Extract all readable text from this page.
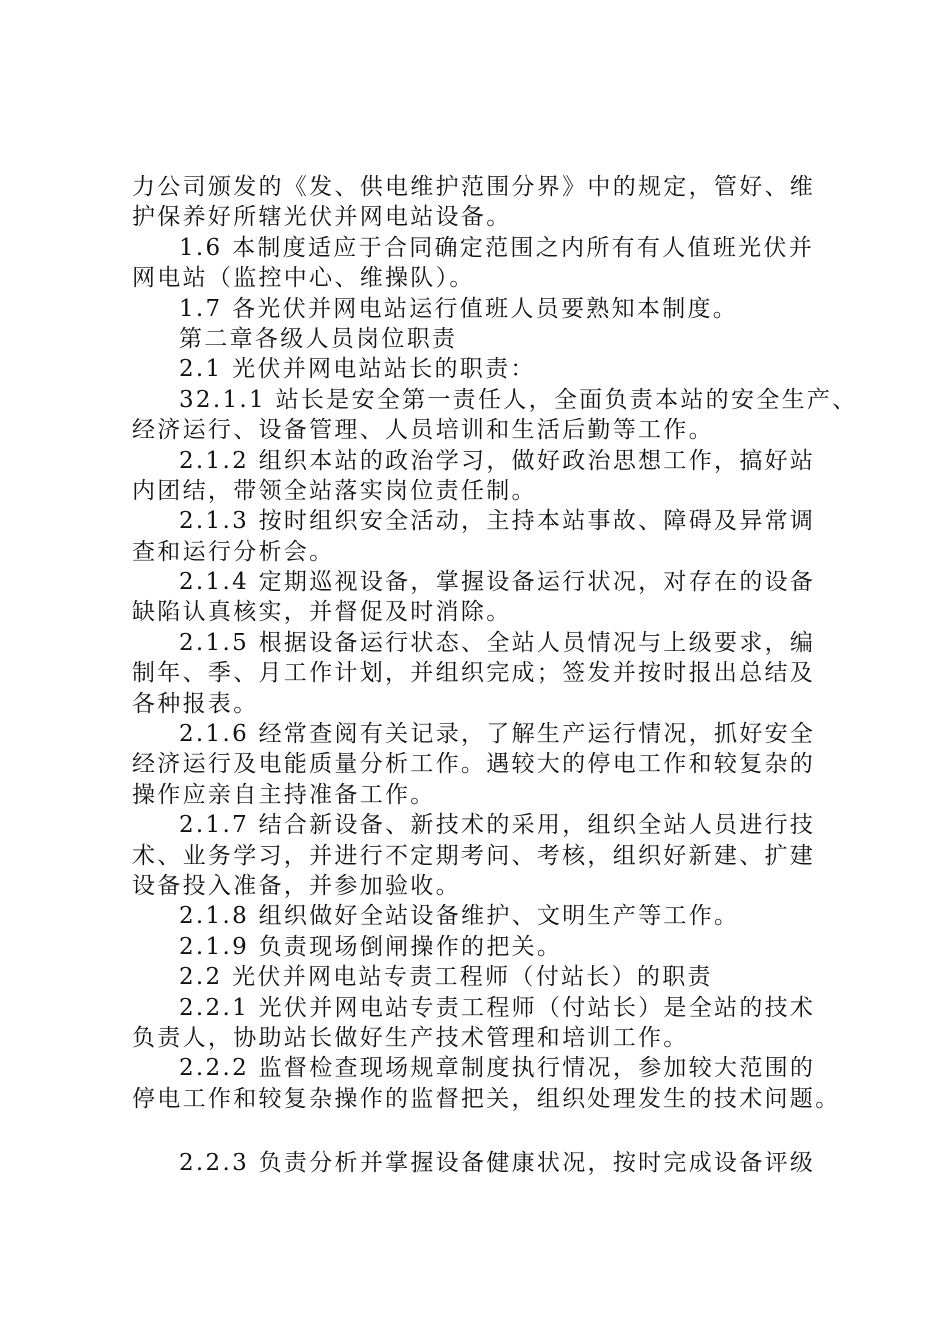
力公司颁发的《发、供电维护范围分界》中的规定，管好、维
护保养好所辖光伏并网电站设备。
1.6 本制度适应于合同确定范围之内所有有人值班光伏并
网电站（监控中心、维操队）。
1.7 各光伏并网电站运行值班人员要熟知本制度。
第二章各级人员岗位职责
2.1 光伏并网电站站长的职责：
32.1.1 站长是安全第一责任人，全面负责本站的安全生产、
经济运行、设备管理、人员培训和生活后勤等工作。
2.1.2 组织本站的政治学习，做好政治思想工作，搞好站
内团结，带领全站落实岗位责任制。
2.1.3 按时组织安全活动，主持本站事故、障碍及异常调
查和运行分析会。
2.1.4 定期巡视设备，掌握设备运行状况，对存在的设备
缺陷认真核实，并督促及时消除。
2.1.5 根据设备运行状态、全站人员情况与上级要求，编
制年、季、月工作计划，并组织完成；签发并按时报出总结及
各种报表。
2.1.6 经常查阅有关记录，了解生产运行情况，抓好安全
经济运行及电能质量分析工作。遇较大的停电工作和较复杂的
操作应亲自主持准备工作。
2.1.7 结合新设备、新技术的采用，组织全站人员进行技
术、业务学习，并进行不定期考问、考核，组织好新建、扩建
设备投入准备，并参加验收。
2.1.8 组织做好全站设备维护、文明生产等工作。
2.1.9 负责现场倒闸操作的把关。
2.2 光伏并网电站专责工程师（付站长）的职责
2.2.1 光伏并网电站专责工程师（付站长）是全站的技术
负责人，协助站长做好生产技术管理和培训工作。
2.2.2 监督检查现场规章制度执行情况，参加较大范围的
停电工作和较复杂操作的监督把关，组织处理发生的技术问题。
2.2.3 负责分析并掌握设备健康状况，按时完成设备评级
